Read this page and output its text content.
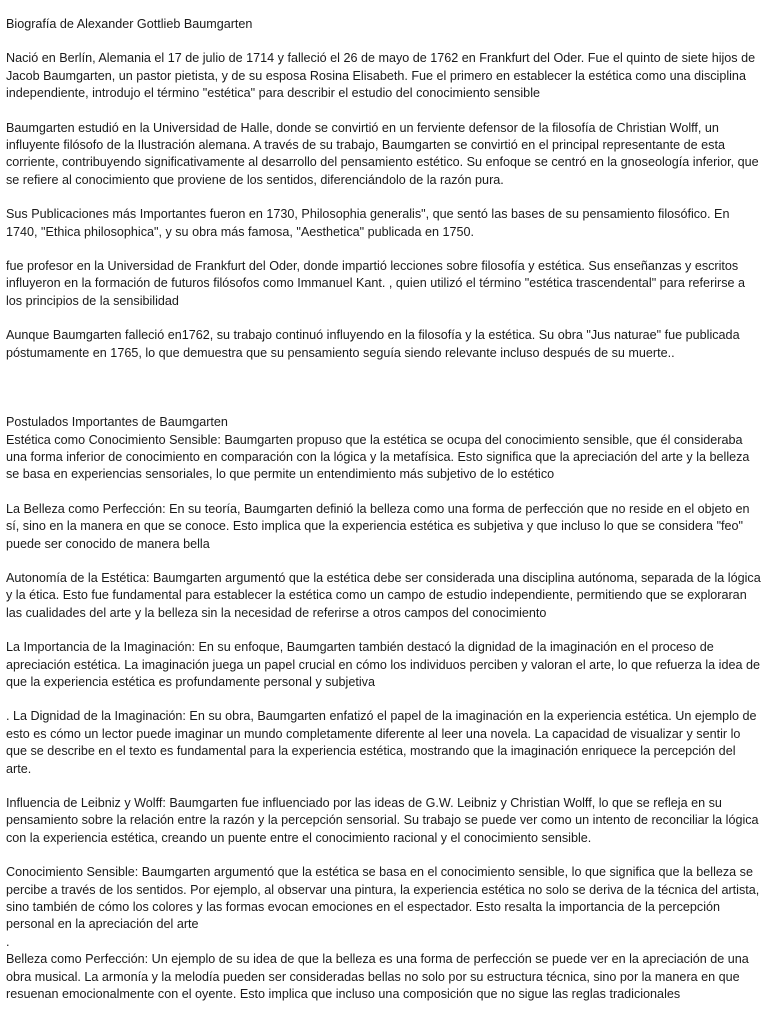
Biografía de Alexander Gottlieb Baumgarten

Nació en Berlín, Alemania el 17 de julio de 1714 y falleció el 26 de mayo de 1762 en Frankfurt del Oder. Fue el quinto de siete hijos de Jacob Baumgarten, un pastor pietista, y de su esposa Rosina Elisabeth. Fue el primero en establecer la estética como una disciplina independiente, introdujo el término "estética" para describir el estudio del conocimiento sensible

Baumgarten estudió en la Universidad de Halle, donde se convirtió en un ferviente defensor de la filosofía de Christian Wolff, un influyente filósofo de la Ilustración alemana. A través de su trabajo, Baumgarten se convirtió en el principal representante de esta corriente, contribuyendo significativamente al desarrollo del pensamiento estético. Su enfoque se centró en la gnoseología inferior, que se refiere al conocimiento que proviene de los sentidos, diferenciándolo de la razón pura.

Sus Publicaciones más Importantes fueron en 1730, Philosophia generalis", que sentó las bases de su pensamiento filosófico. En 1740, "Ethica philosophica", y su obra más famosa, "Aesthetica" publicada en 1750.

fue profesor en la Universidad de Frankfurt del Oder, donde impartió lecciones sobre filosofía y estética. Sus enseñanzas y escritos influyeron en la formación de futuros filósofos como Immanuel Kant. , quien utilizó el término "estética trascendental" para referirse a los principios de la sensibilidad

Aunque Baumgarten falleció en1762, su trabajo continuó influyendo en la filosofía y la estética. Su obra "Jus naturae" fue publicada póstumamente en 1765, lo que demuestra que su pensamiento seguía siendo relevante incluso después de su muerte..

Postulados Importantes de Baumgarten

Estética como Conocimiento Sensible: Baumgarten propuso que la estética se ocupa del conocimiento sensible, que él consideraba una forma inferior de conocimiento en comparación con la lógica y la metafísica. Esto significa que la apreciación del arte y la belleza se basa en experiencias sensoriales, lo que permite un entendimiento más subjetivo de lo estético

La Belleza como Perfección: En su teoría, Baumgarten definió la belleza como una forma de perfección que no reside en el objeto en sí, sino en la manera en que se conoce. Esto implica que la experiencia estética es subjetiva y que incluso lo que se considera "feo" puede ser conocido de manera bella

Autonomía de la Estética: Baumgarten argumentó que la estética debe ser considerada una disciplina autónoma, separada de la lógica y la ética. Esto fue fundamental para establecer la estética como un campo de estudio independiente, permitiendo que se exploraran las cualidades del arte y la belleza sin la necesidad de referirse a otros campos del conocimiento

La Importancia de la Imaginación: En su enfoque, Baumgarten también destacó la dignidad de la imaginación en el proceso de apreciación estética. La imaginación juega un papel crucial en cómo los individuos perciben y valoran el arte, lo que refuerza la idea de que la experiencia estética es profundamente personal y subjetiva

. La Dignidad de la Imaginación: En su obra, Baumgarten enfatizó el papel de la imaginación en la experiencia estética. Un ejemplo de esto es cómo un lector puede imaginar un mundo completamente diferente al leer una novela. La capacidad de visualizar y sentir lo que se describe en el texto es fundamental para la experiencia estética, mostrando que la imaginación enriquece la percepción del arte.

Influencia de Leibniz y Wolff: Baumgarten fue influenciado por las ideas de G.W. Leibniz y Christian Wolff, lo que se refleja en su pensamiento sobre la relación entre la razón y la percepción sensorial. Su trabajo se puede ver como un intento de reconciliar la lógica con la experiencia estética, creando un puente entre el conocimiento racional y el conocimiento sensible.

Conocimiento Sensible: Baumgarten argumentó que la estética se basa en el conocimiento sensible, lo que significa que la belleza se percibe a través de los sentidos. Por ejemplo, al observar una pintura, la experiencia estética no solo se deriva de la técnica del artista, sino también de cómo los colores y las formas evocan emociones en el espectador. Esto resalta la importancia de la percepción personal en la apreciación del arte

.

Belleza como Perfección: Un ejemplo de su idea de que la belleza es una forma de perfección se puede ver en la apreciación de una obra musical. La armonía y la melodía pueden ser consideradas bellas no solo por su estructura técnica, sino por la manera en que resuenan emocionalmente con el oyente. Esto implica que incluso una composición que no sigue las reglas tradicionales
